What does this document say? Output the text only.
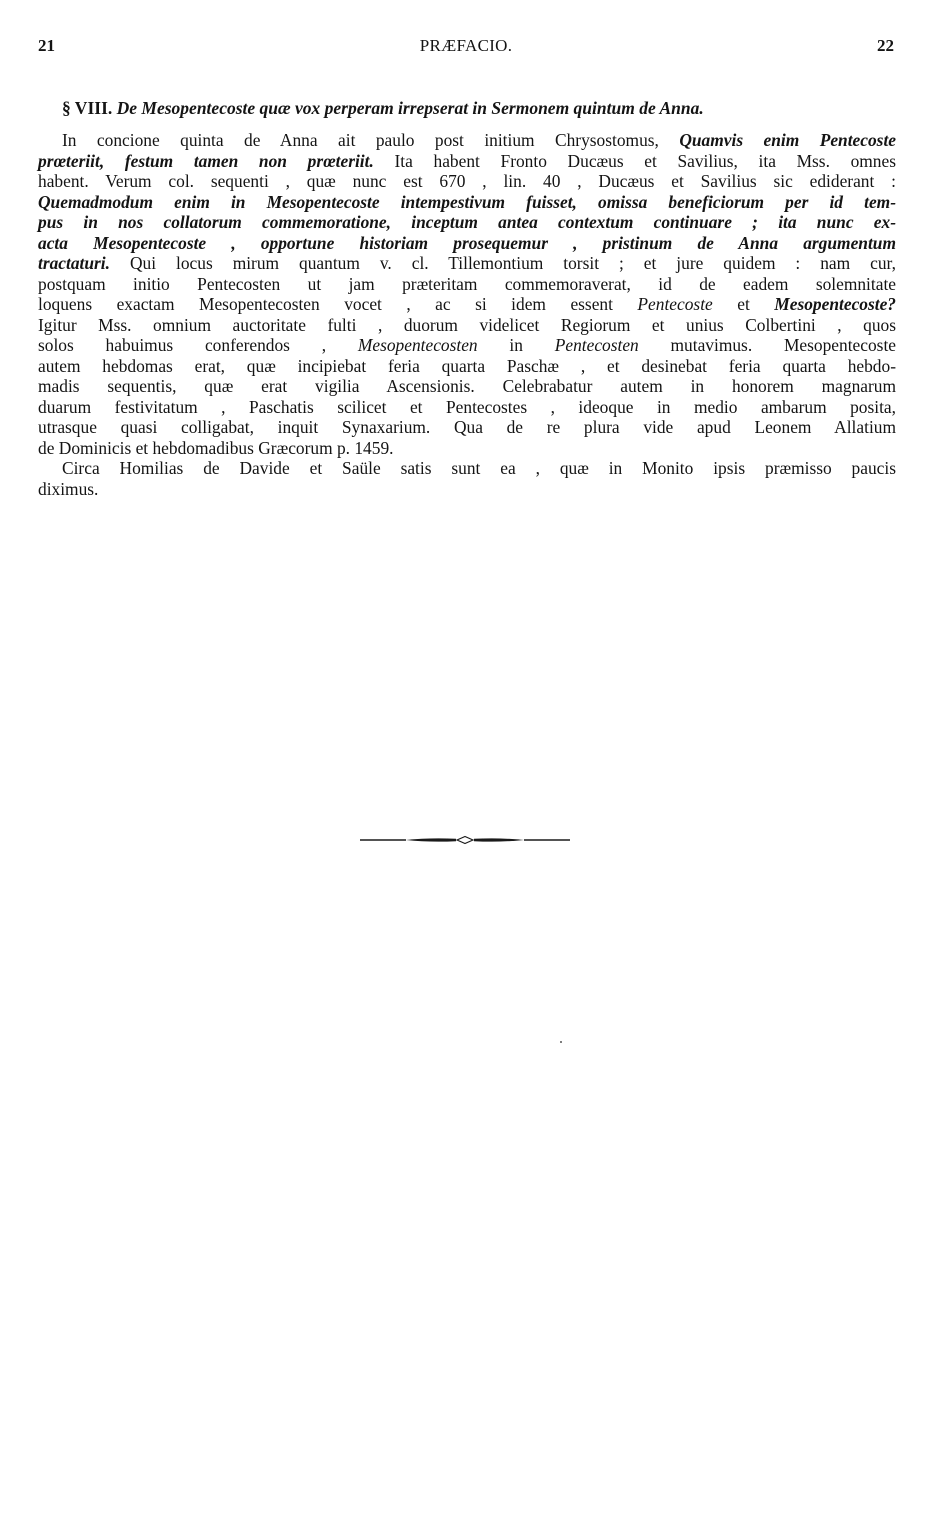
21	PRÆFACIO.	22
§ VIII. De Mesopentecoste quæ vox perperam irrepserat in Sermonem quintum de Anna.
In concione quinta de Anna ait paulo post initium Chrysostomus, Quamvis enim Pentecoste
prœteriit, festum tamen non prœteriit. Ita habent Fronto Ducæus et Savilius, ita Mss. omnes
habent. Verum col. sequenti , quæ nunc est 670 , lin. 40 , Ducæus et Savilius sic ediderant :
Quemadmodum enim in Mesopentecoste intempestivum fuisset, omissa beneficiorum per id tem-
pus in nos collatorum commemoratione, inceptum antea contextum continuare ; ita nunc ex-
acta Mesopentecoste , opportune historiam prosequemur , pristinum de Anna argumentum
tractaturi. Qui locus mirum quantum v. cl. Tillemontium torsit ; et jure quidem : nam cur,
postquam initio Pentecosten ut jam præteritam commemoraverat, id de eadem solemnitate
loquens exactam Mesopentecosten vocet , ac si idem essent Pentecoste et Mesopentecoste?
Igitur Mss. omnium auctoritate fulti , duorum videlicet Regiorum et unius Colbertini , quos
solos habuimus conferendos , Mesopentecosten in Pentecosten mutavimus. Mesopentecoste
autem hebdomas erat, quæ incipiebat feria quarta Paschæ , et desinebat feria quarta hebdo-
madis sequentis, quæ erat vigilia Ascensionis. Celebrabatur autem in honorem magnarum
duarum festivitatum , Paschatis scilicet et Pentecostes , ideoque in medio ambarum posita,
utrasque quasi colligabat, inquit Synaxarium. Qua de re plura vide apud Leonem Allatium
de Dominicis et hebdomadibus Græcorum p. 1459.
Circa Homilias de Davide et Saüle satis sunt ea , quæ in Monito ipsis præmisso paucis
diximus.
